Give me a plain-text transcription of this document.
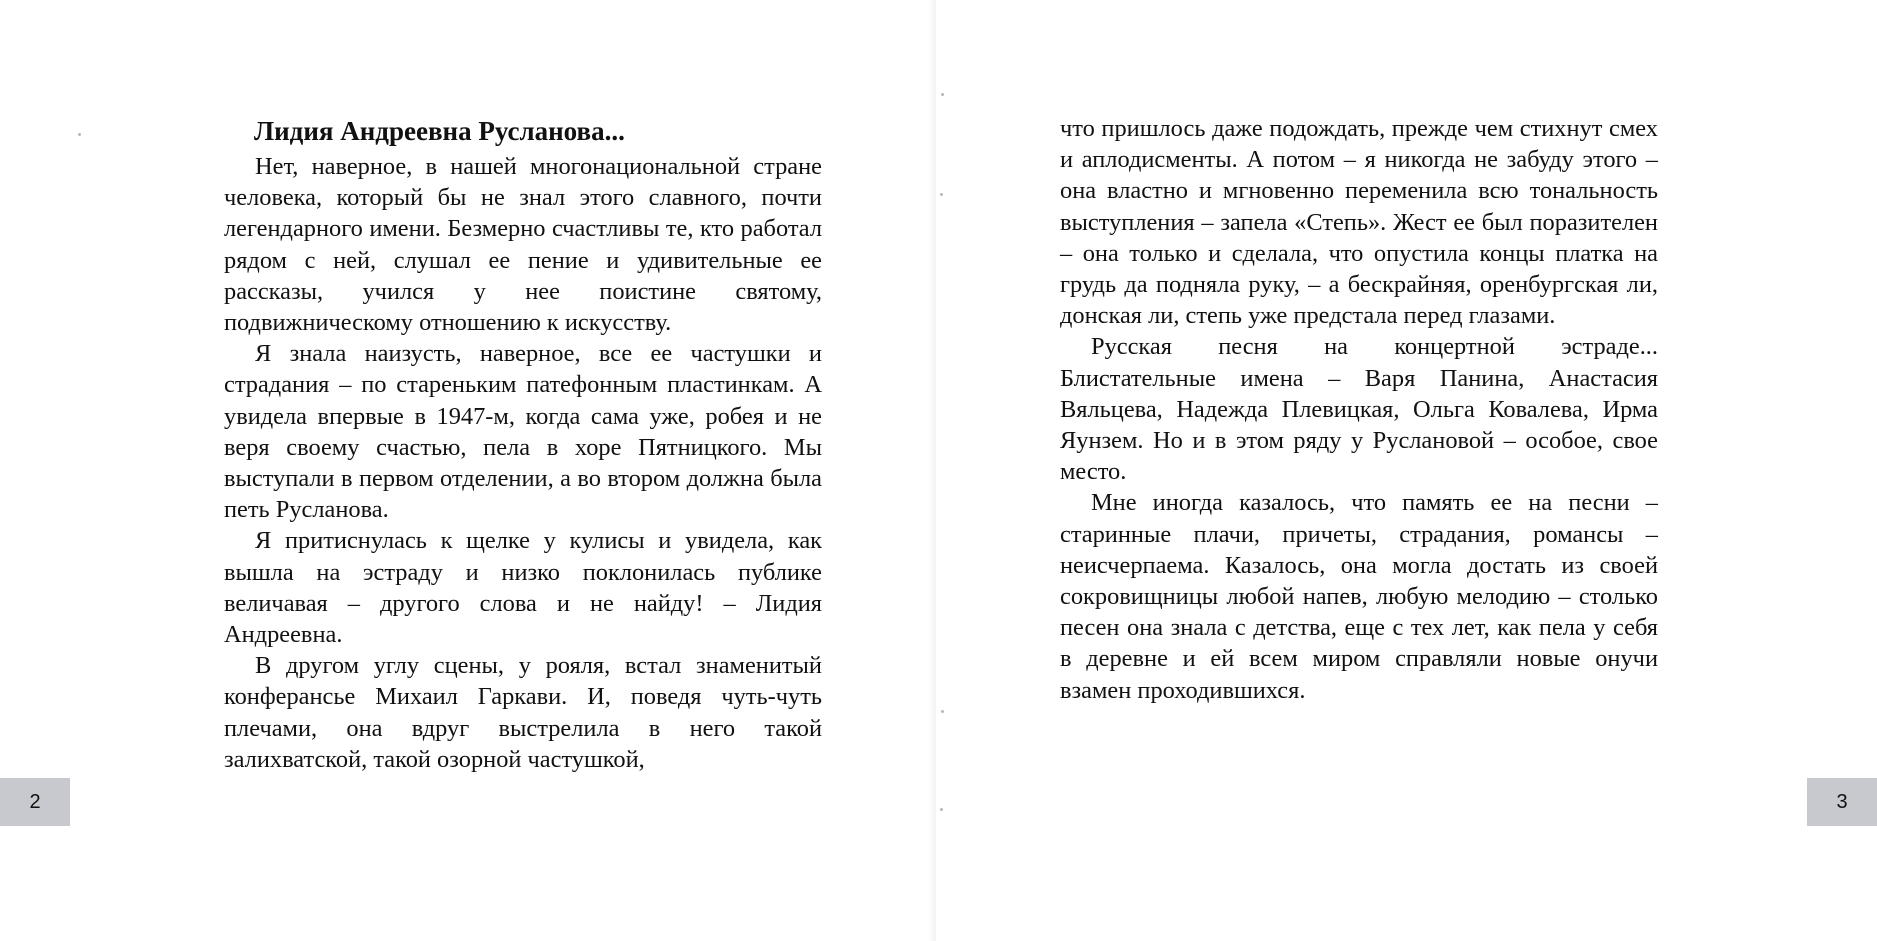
Лидия Андреевна Русланова...

Нет, наверное, в нашей многонациональной стране человека, который бы не знал этого славного, почти легендарного имени. Безмерно счастливы те, кто работал рядом с ней, слушал ее пение и удивительные ее рассказы, учился у нее поистине святому, подвижническому отношению к искусству.

Я знала наизусть, наверное, все ее частушки и страдания – по стареньким патефонным пластинкам. А увидела впервые в 1947-м, когда сама уже, робея и не веря своему счастью, пела в хоре Пятницкого. Мы выступали в первом отделении, а во втором должна была петь Русланова.

Я притиснулась к щелке у кулисы и увидела, как вышла на эстраду и низко поклонилась публике величавая – другого слова и не найду! – Лидия Андреевна.

В другом углу сцены, у рояля, встал знаменитый конферансье Михаил Гаркави. И, поведя чуть-чуть плечами, она вдруг выстрелила в него такой залихватской, такой озорной частушкой,

2

что пришлось даже подождать, прежде чем стихнут смех и аплодисменты. А потом – я никогда не забуду этого – она властно и мгновенно переменила всю тональность выступления – запела «Степь». Жест ее был поразителен – она только и сделала, что опустила концы платка на грудь да подняла руку, – а бескрайняя, оренбургская ли, донская ли, степь уже предстала перед глазами.

Русская песня на концертной эстраде... Блистательные имена – Варя Панина, Анастасия Вяльцева, Надежда Плевицкая, Ольга Ковалева, Ирма Яунзем. Но и в этом ряду у Руслановой – особое, свое место.

Мне иногда казалось, что память ее на песни – старинные плачи, причеты, страдания, романсы – неисчерпаема. Казалось, она могла достать из своей сокровищницы любой напев, любую мелодию – столько песен она знала с детства, еще с тех лет, как пела у себя в деревне и ей всем миром справляли новые онучи взамен проходившихся.

3
